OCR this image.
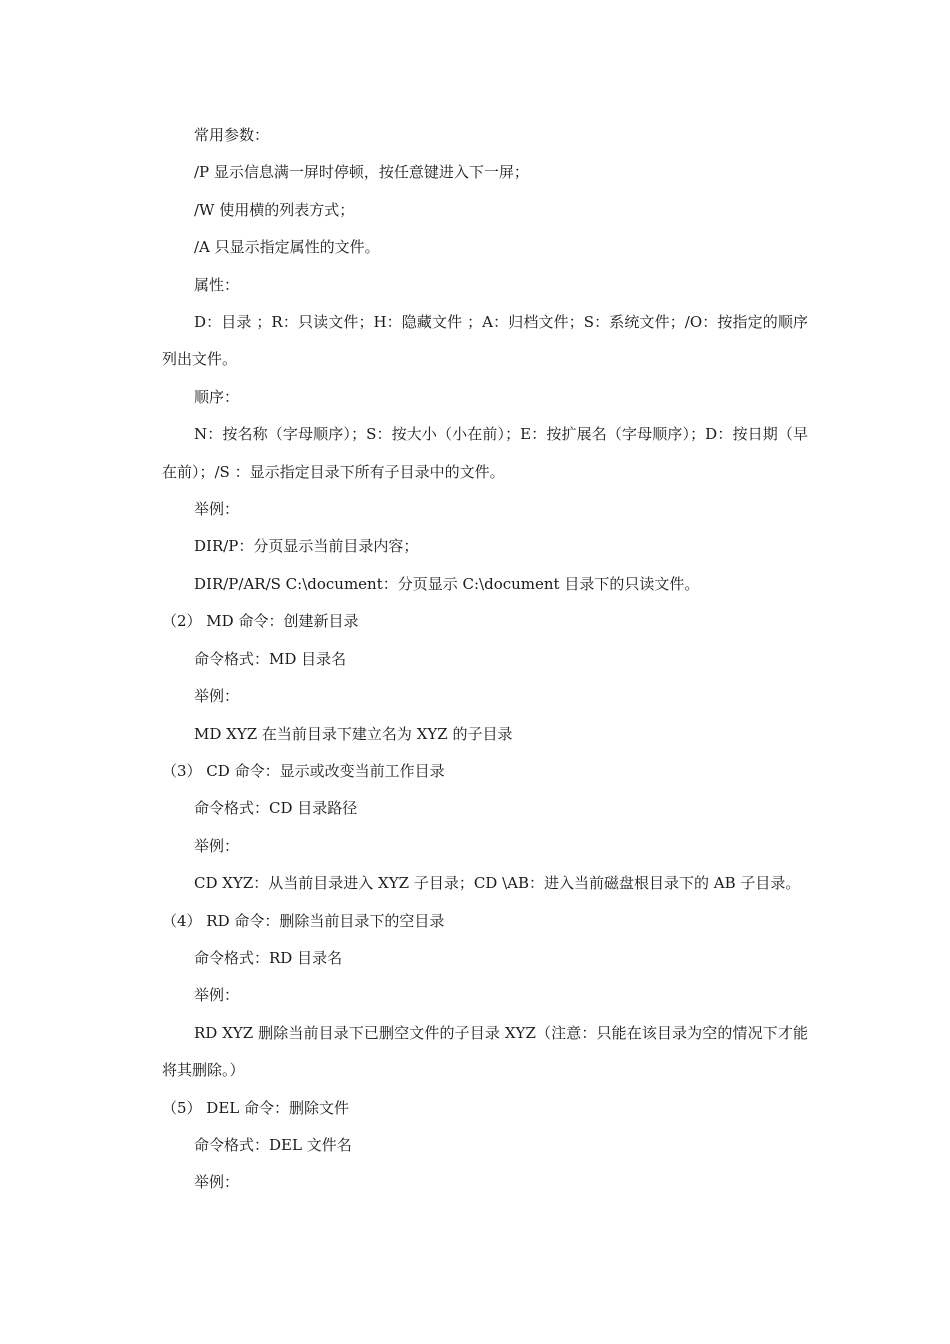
常用参数：

/P 显示信息满一屏时停顿，按任意键进入下一屏；

/W 使用横的列表方式；

/A 只显示指定属性的文件。

属性：

D：目录 ；R：只读文件；H：隐藏文件 ；A：归档文件；S：系统文件；/O：按指定的顺序列出文件。

顺序：

N：按名称（字母顺序）；S：按大小（小在前）；E：按扩展名（字母顺序）；D：按日期（早在前）；/S ：显示指定目录下所有子目录中的文件。

举例：

DIR/P：分页显示当前目录内容；

DIR/P/AR/S C:\document：分页显示 C:\document 目录下的只读文件。

（2） MD 命令：创建新目录

命令格式：MD 目录名

举例：

MD XYZ 在当前目录下建立名为 XYZ 的子目录

（3） CD 命令：显示或改变当前工作目录

命令格式：CD 目录路径

举例：

CD XYZ：从当前目录进入 XYZ 子目录；CD \AB：进入当前磁盘根目录下的 AB 子目录。

（4） RD 命令：删除当前目录下的空目录

命令格式：RD 目录名

举例：

RD XYZ 删除当前目录下已删空文件的子目录 XYZ（注意：只能在该目录为空的情况下才能将其删除。）

（5） DEL 命令：删除文件

命令格式：DEL 文件名

举例：
